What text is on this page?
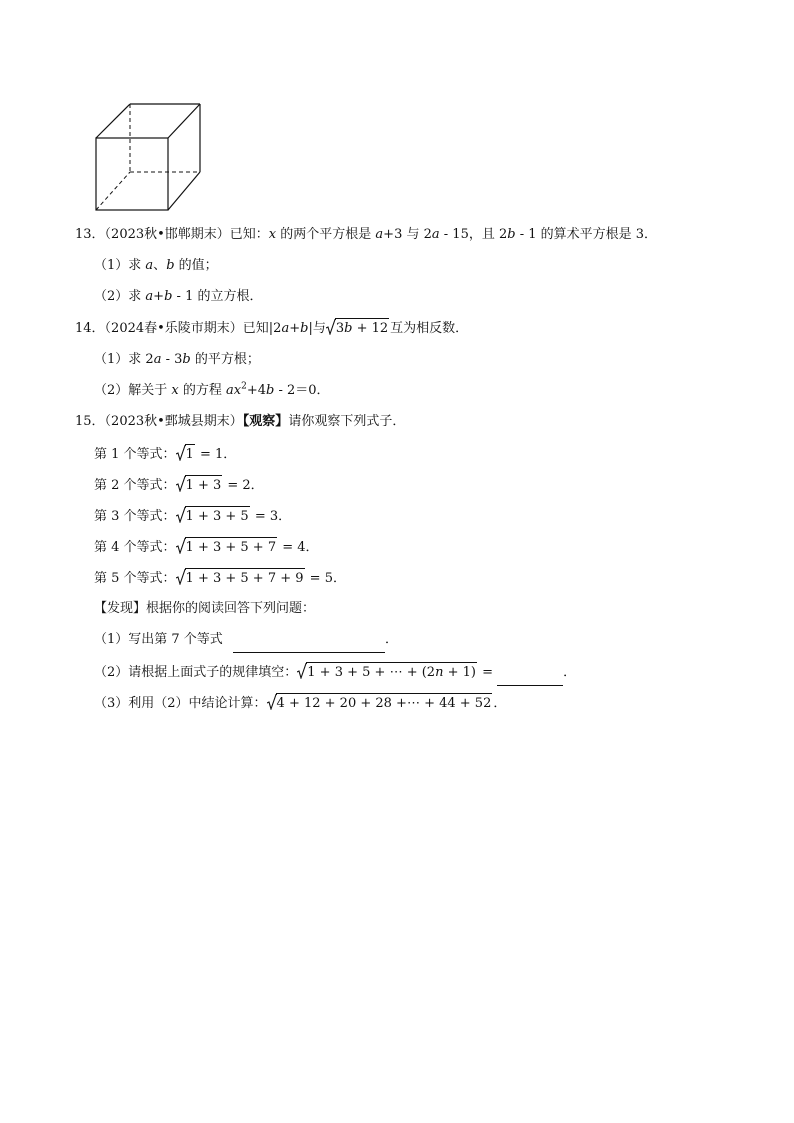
13．（2023秋•邯郸期末）已知：x 的两个平方根是 a+3 与 2a - 15，且 2b - 1 的算术平方根是 3．
（1）求 a、b 的值；
（2）求 a+b - 1 的立方根．
14．（2024春•乐陵市期末）已知|2a+b|与 3𝑏 + 12 互为相反数．
（1）求 2a - 3b 的平方根；
（2）解关于 x 的方程 $ax^2+4b - 2=0$．
15．（2023秋•鄄城县期末）【观察】请你观察下列式子．
第 1 个等式： 1 = 1．
第 2 个等式： 1 + 3 = 2．
第 3 个等式： 1 + 3 + 5 = 3．
第 4 个等式： 1 + 3 + 5 + 7 = 4．
第 5 个等式： 1 + 3 + 5 + 7 + 9 = 5．
【发现】根据你的阅读回答下列问题：
（1）写出第 7 个等式	．
（2）请根据上面式子的规律填空： 1 + 3 + 5 + ⋯ + (2𝑛 + 1) =	．
（3）利用（2）中结论计算： 4 + 12 + 20 + 28 +⋯ + 44 + 52 ．
